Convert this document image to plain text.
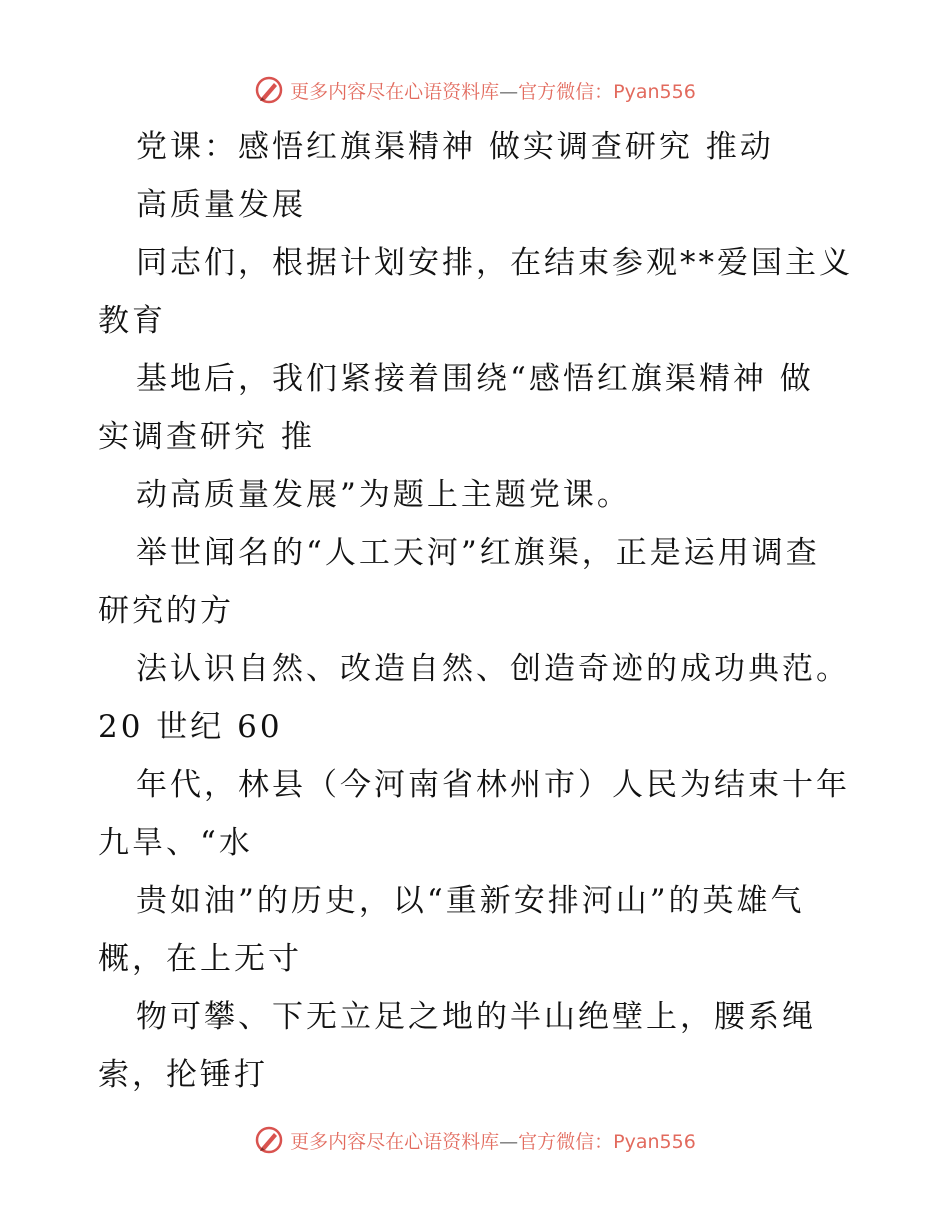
更多内容尽在心语资料库—官方微信：Pyan556
党课：感悟红旗渠精神 做实调查研究 推动
高质量发展
同志们，根据计划安排，在结束参观**爱国主义
教育
基地后，我们紧接着围绕“感悟红旗渠精神 做
实调查研究 推
动高质量发展”为题上主题党课。
举世闻名的“人工天河”红旗渠，正是运用调查
研究的方
法认识自然、改造自然、创造奇迹的成功典范。
20 世纪 60
年代，林县（今河南省林州市）人民为结束十年
九旱、“水
贵如油”的历史，以“重新安排河山”的英雄气
概，在上无寸
物可攀、下无立足之地的半山绝壁上，腰系绳
索，抡锤打
更多内容尽在心语资料库—官方微信：Pyan556
